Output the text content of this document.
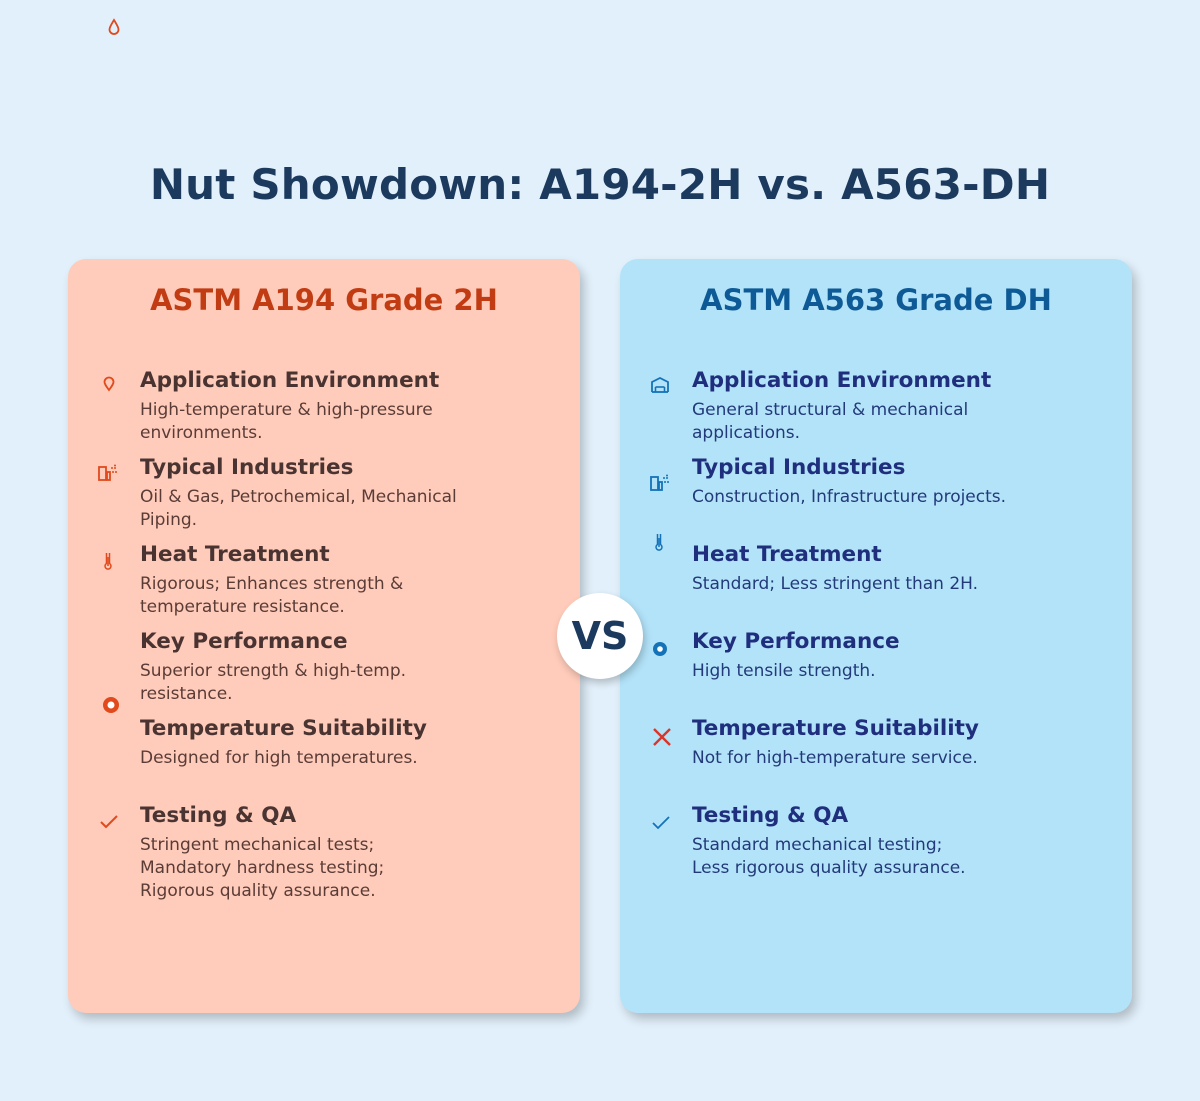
Nut Showdown: A194-2H vs. A563-DH
ASTM A194 Grade 2H
Application Environment
High-temperature & high-pressure environments.
Typical Industries
Oil & Gas, Petrochemical, Mechanical Piping.
Heat Treatment
Rigorous; Enhances strength & temperature resistance.
Key Performance
Superior strength & high-temp. resistance.
Temperature Suitability
Designed for high temperatures.
Testing & QA
Stringent mechanical tests;
Mandatory hardness testing;
Rigorous quality assurance.
ASTM A563 Grade DH
Application Environment
General structural & mechanical applications.
Typical Industries
Construction, Infrastructure projects.
Heat Treatment
Standard; Less stringent than 2H.
Key Performance
High tensile strength.
Temperature Suitability
Not for high-temperature service.
Testing & QA
Standard mechanical testing;
Less rigorous quality assurance.
VS
